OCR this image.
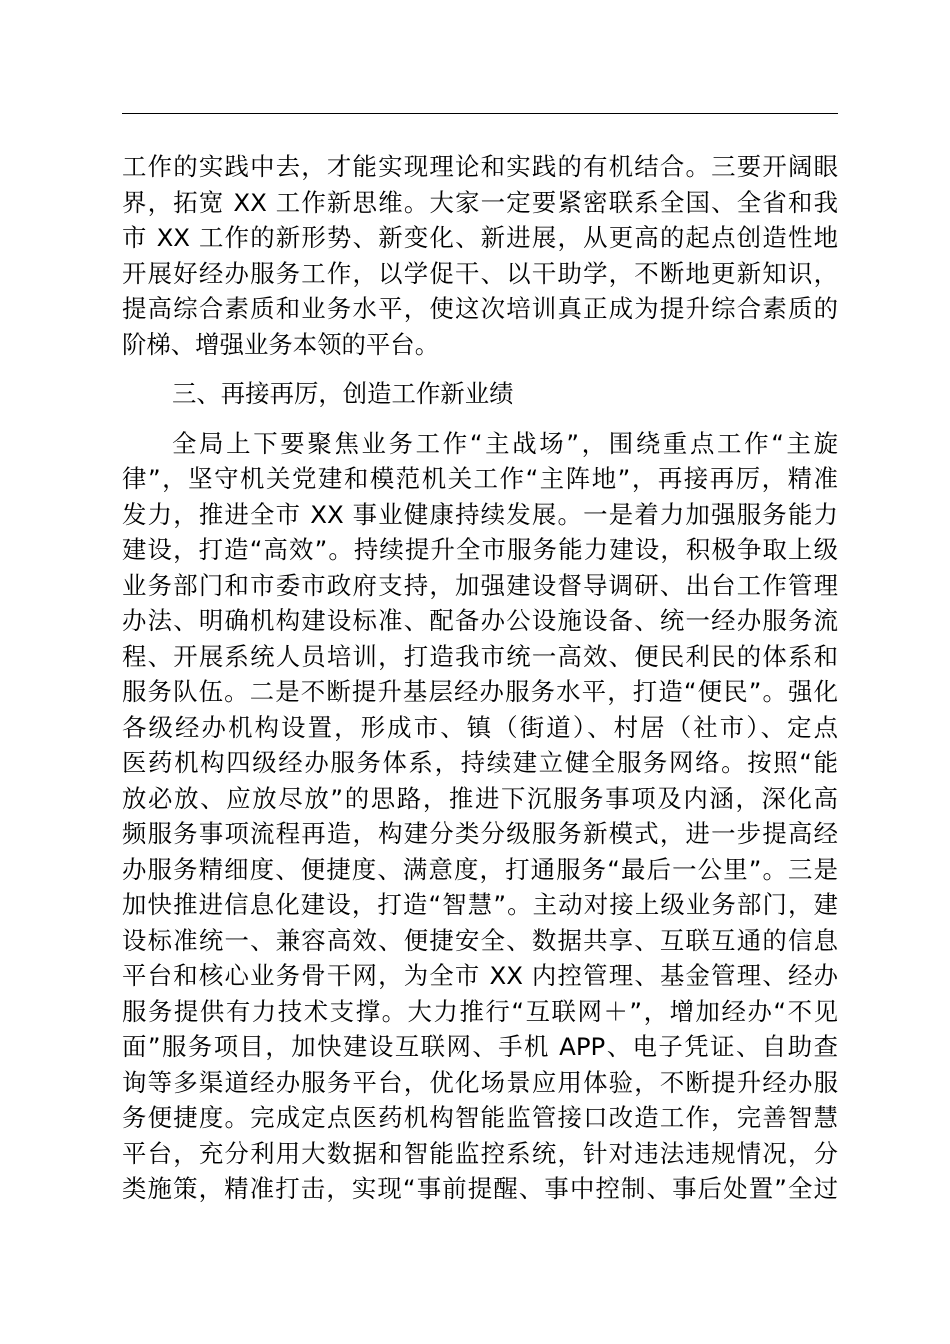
工作的实践中去，才能实现理论和实践的有机结合。三要开阔眼
界，拓宽 XX 工作新思维。大家一定要紧密联系全国、全省和我
市 XX 工作的新形势、新变化、新进展，从更高的起点创造性地
开展好经办服务工作，以学促干、以干助学，不断地更新知识，
提高综合素质和业务水平，使这次培训真正成为提升综合素质的
阶梯、增强业务本领的平台。
三、再接再厉，创造工作新业绩
全局上下要聚焦业务工作“主战场”，围绕重点工作“主旋
律”，坚守机关党建和模范机关工作“主阵地”，再接再厉，精准
发力，推进全市 XX 事业健康持续发展。一是着力加强服务能力
建设，打造“高效”。持续提升全市服务能力建设，积极争取上级
业务部门和市委市政府支持，加强建设督导调研、出台工作管理
办法、明确机构建设标准、配备办公设施设备、统一经办服务流
程、开展系统人员培训，打造我市统一高效、便民利民的体系和
服务队伍。二是不断提升基层经办服务水平，打造“便民”。强化
各级经办机构设置，形成市、镇（街道）、村居（社市）、定点
医药机构四级经办服务体系，持续建立健全服务网络。按照“能
放必放、应放尽放”的思路，推进下沉服务事项及内涵，深化高
频服务事项流程再造，构建分类分级服务新模式，进一步提高经
办服务精细度、便捷度、满意度，打通服务“最后一公里”。三是
加快推进信息化建设，打造“智慧”。主动对接上级业务部门，建
设标准统一、兼容高效、便捷安全、数据共享、互联互通的信息
平台和核心业务骨干网，为全市 XX 内控管理、基金管理、经办
服务提供有力技术支撑。大力推行“互联网＋”，增加经办“不见
面”服务项目，加快建设互联网、手机 APP、电子凭证、自助查
询等多渠道经办服务平台，优化场景应用体验，不断提升经办服
务便捷度。完成定点医药机构智能监管接口改造工作，完善智慧
平台，充分利用大数据和智能监控系统，针对违法违规情况，分
类施策，精准打击，实现“事前提醒、事中控制、事后处置”全过
